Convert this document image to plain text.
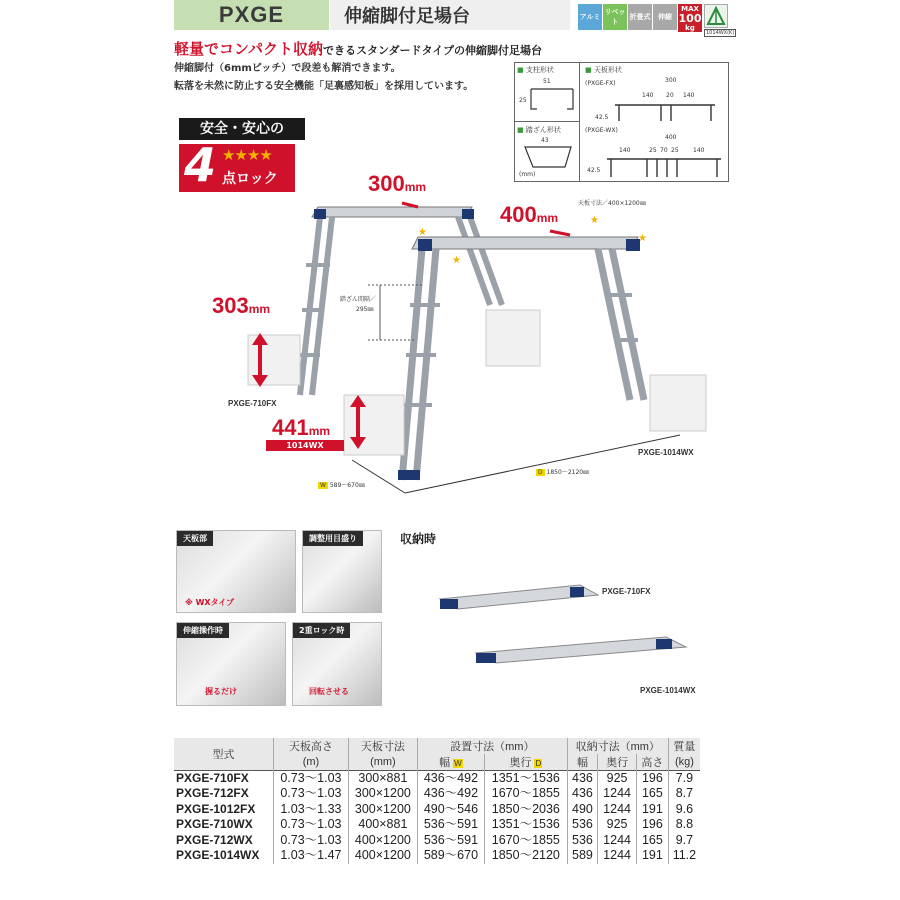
PXGE	伸縮脚付足場台	アルミ
リベット
折畳式	伸縮
MAX
100
kg
1014WX(K)
軽量でコンパクト収納できるスタンダードタイプの伸縮脚付足場台
伸縮脚付（6mmピッチ）で段差も解消できます。
転落を未然に防止する安全機能「足裏感知板」を採用しています。
■ 支柱形状
51
25
■ 踏ざん形状
43
(mm)
■ 天板形状
(PXGE-FX)	300
140 20 140
42.5
(PXGE-WX)
400
140	25 70 25 140
42.5
安全・安心の
4 ★★★★
点ロック
★
★
★
★
300mm
400mm
303mm
441mm
1014WX
天板寸法／400×1200㎜
踏ざん間隔／
295㎜
PXGE-710FX
PXGE-1014WX
W 589〜670㎜
D 1850〜2120㎜
天板部
※ WXタイプ
調整用目盛り
伸縮操作時
握るだけ
2重ロック時
回転させる
収納時
PXGE-710FX
PXGE-1014WX
型式	天板高さ	天板寸法	設置寸法（mm）		収納寸法（mm）			質量
	(m)	(mm)	幅 W	奥行 D	幅	奥行	高さ	(kg)
PXGE-710FX	0.73〜1.03	300×881	436〜492	1351〜1536	436	925	196	7.9
PXGE-712FX	0.73〜1.03	300×1200	436〜492	1670〜1855	436	1244	165	8.7
PXGE-1012FX	1.03〜1.33	300×1200	490〜546	1850〜2036	490	1244	191	9.6
PXGE-710WX	0.73〜1.03	400×881	536〜591	1351〜1536	536	925	196	8.8
PXGE-712WX	0.73〜1.03	400×1200	536〜591	1670〜1855	536	1244	165	9.7
PXGE-1014WX	1.03〜1.47	400×1200	589〜670	1850〜2120	589	1244	191	11.2
